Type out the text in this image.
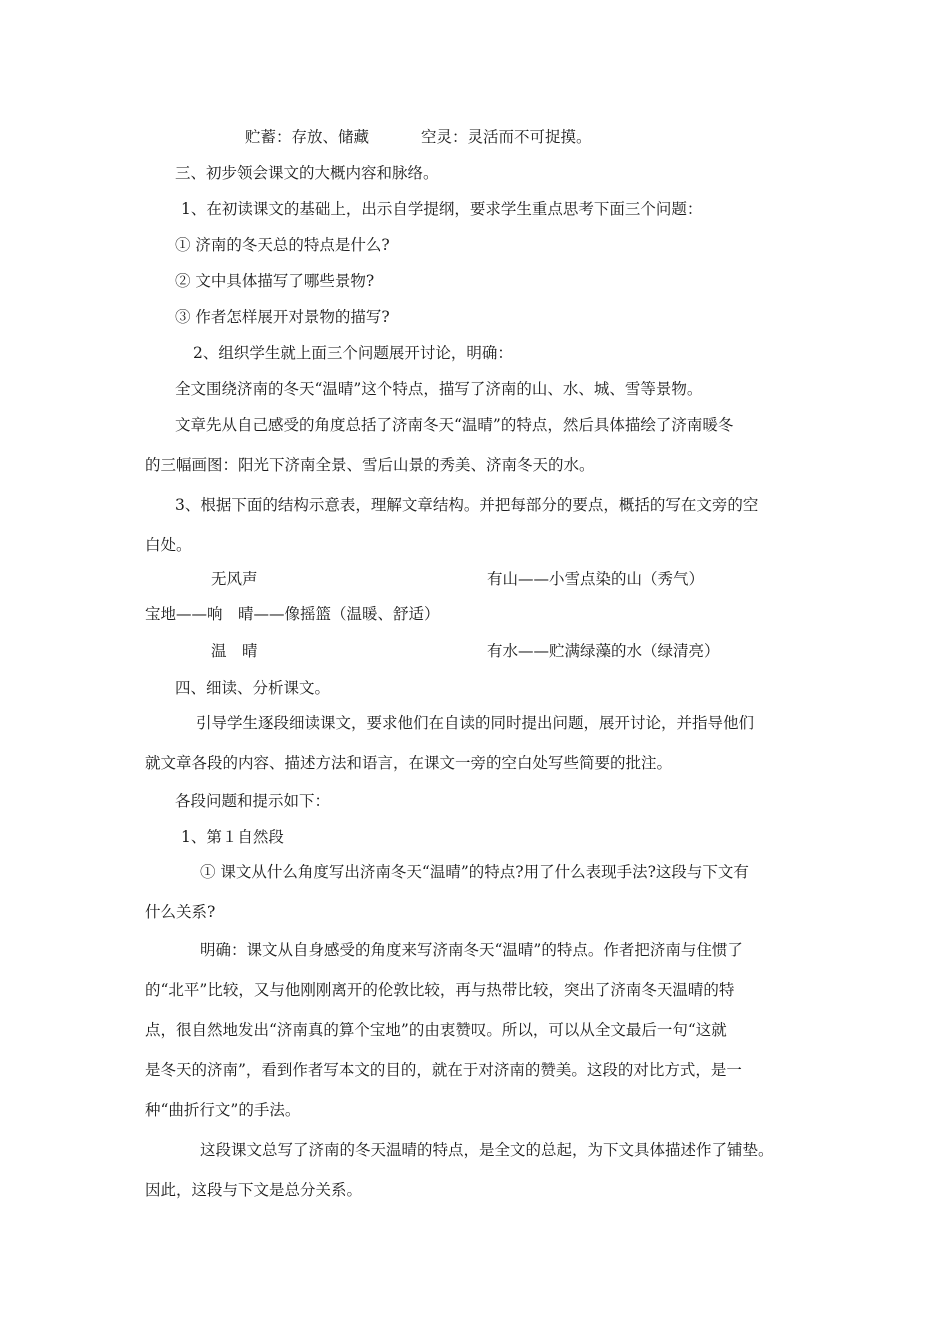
贮蓄：存放、储藏	空灵：灵活而不可捉摸。
三、初步领会课文的大概内容和脉络。
1、在初读课文的基础上，出示自学提纲，要求学生重点思考下面三个问题：
① 济南的冬天总的特点是什么?
② 文中具体描写了哪些景物?
③ 作者怎样展开对景物的描写?
2、组织学生就上面三个问题展开讨论，明确：
全文围绕济南的冬天“温晴”这个特点，描写了济南的山、水、城、雪等景物。
文章先从自己感受的角度总括了济南冬天“温晴”的特点，然后具体描绘了济南暖冬
的三幅画图：阳光下济南全景、雪后山景的秀美、济南冬天的水。
3、根据下面的结构示意表，理解文章结构。并把每部分的要点，概括的写在文旁的空
白处。
无风声	有山——小雪点染的山（秀气）
宝地——响　晴——像摇篮（温暖、舒适）
温　晴	有水——贮满绿藻的水（绿清亮）
四、细读、分析课文。
引导学生逐段细读课文，要求他们在自读的同时提出问题，展开讨论，并指导他们
就文章各段的内容、描述方法和语言，在课文一旁的空白处写些简要的批注。
各段问题和提示如下：
1、第１自然段
① 课文从什么角度写出济南冬天“温晴”的特点?用了什么表现手法?这段与下文有
什么关系?
明确：课文从自身感受的角度来写济南冬天“温晴”的特点。作者把济南与住惯了
的“北平”比较，又与他刚刚离开的伦敦比较，再与热带比较，突出了济南冬天温晴的特
点，很自然地发出“济南真的算个宝地”的由衷赞叹。所以，可以从全文最后一句“这就
是冬天的济南”，看到作者写本文的目的，就在于对济南的赞美。这段的对比方式，是一
种“曲折行文”的手法。
这段课文总写了济南的冬天温晴的特点，是全文的总起，为下文具体描述作了铺垫。
因此，这段与下文是总分关系。
